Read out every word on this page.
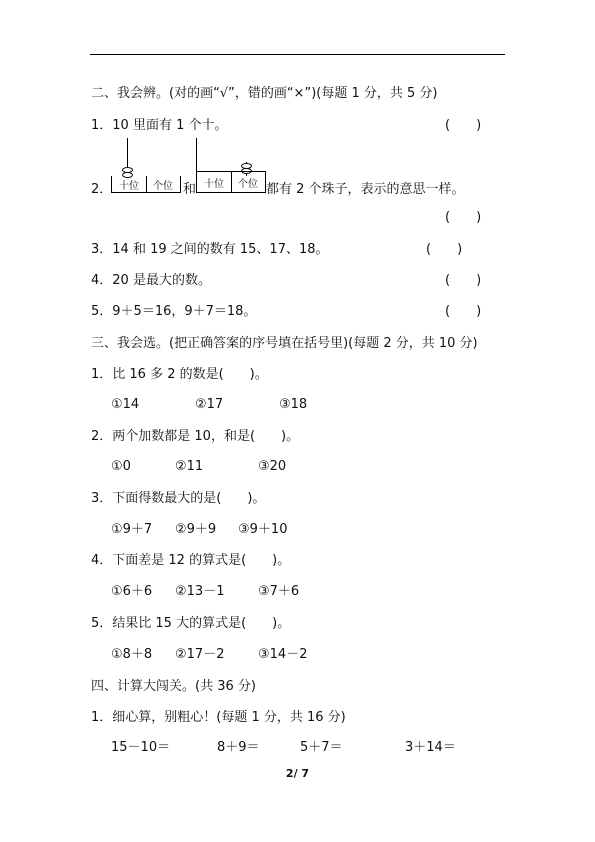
二、我会辨。(对的画“√”，错的画“×”)(每题 1 分，共 5 分)
1．10 里面有 1 个十。	(　　)
2． 十位	个位 和 十位	个位 都有 2 个珠子，表示的意思一样。
(　　)
3．14 和 19 之间的数有 15、17、18。	(　　)
4．20 是最大的数。	(　　)
5．9＋5＝16，9＋7＝18。	(　　)
三、我会选。(把正确答案的序号填在括号里)(每题 2 分，共 10 分)
1．比 16 多 2 的数是(　　)。
①14	②17	③18
2．两个加数都是 10，和是(　　)。
①0	②11	③20
3．下面得数最大的是(　　)。
①9＋7 ②9＋9 ③9＋10
4．下面差是 12 的算式是(　　)。
①6＋6 ②13－1	③7＋6
5．结果比 15 大的算式是(　　)。
①8＋8 ②17－2	③14－2
四、计算大闯关。(共 36 分)
1．细心算，别粗心！(每题 1 分，共 16 分)
15－10＝	8＋9＝	5＋7＝	3＋14＝
2/ 7
